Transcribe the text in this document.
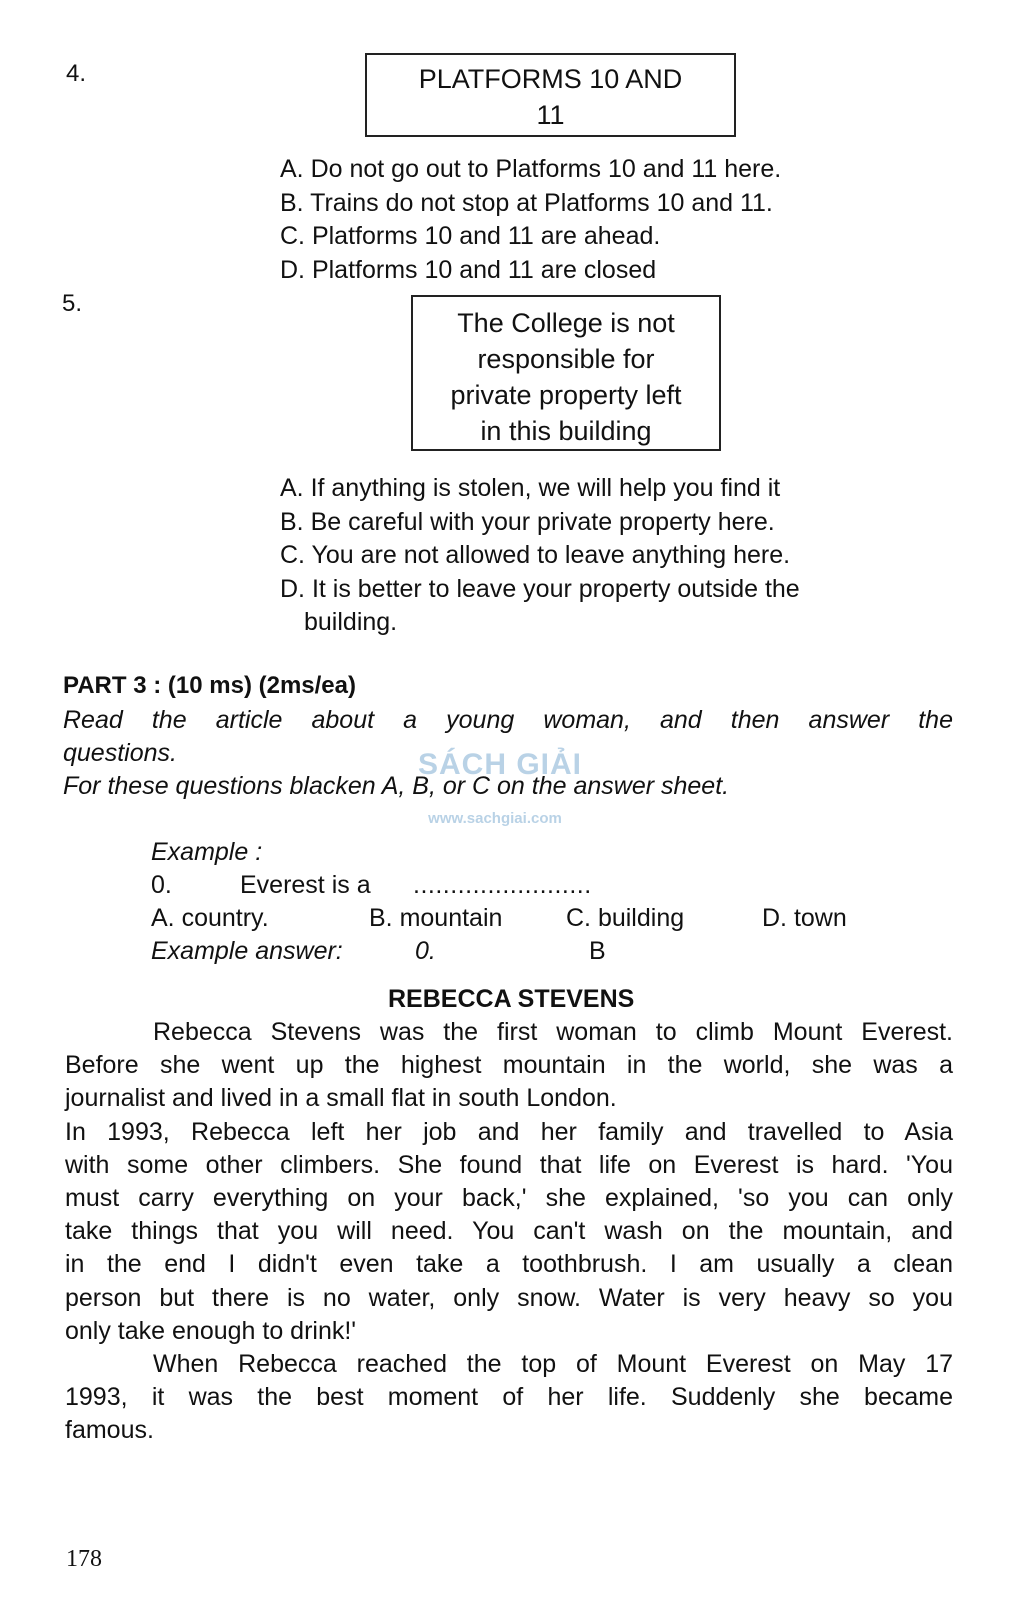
4.	PLATFORMS 10 AND
11
A. Do not go out to Platforms 10 and 11 here.
B. Trains do not stop at Platforms 10 and 11.
C. Platforms 10 and 11 are ahead.
D. Platforms 10 and 11 are closed
5.
The College is not
responsible for
private property left
in this building
A. If anything is stolen, we will help you find it
B. Be careful with your private property here.
C. You are not allowed to leave anything here.
D. It is better to leave your property outside the
building.
PART 3 : (10 ms) (2ms/ea)
Read the article about a young woman, and then answer the
questions.
For these questions blacken A, B, or C on the answer sheet.
SÁCH GIẢI
www.sachgiai.com
Example :
0.	Everest is a ........................
A. country.	B. mountain	C. building	D. town
Example answer:	0.	B
REBECCA STEVENS

Rebecca Stevens was the first woman to climb Mount Everest.

Before she went up the highest mountain in the world, she was a

journalist and lived in a small flat in south London.

In 1993, Rebecca left her job and her family and travelled to Asia

with some other climbers. She found that life on Everest is hard. 'You

must carry everything on your back,' she explained, 'so you can only

take things that you will need. You can't wash on the mountain, and

in the end I didn't even take a toothbrush. I am usually a clean

person but there is no water, only snow. Water is very heavy so you

only take enough to drink!'

When Rebecca reached the top of Mount Everest on May 17

1993, it was the best moment of her life. Suddenly she became

famous.

178
